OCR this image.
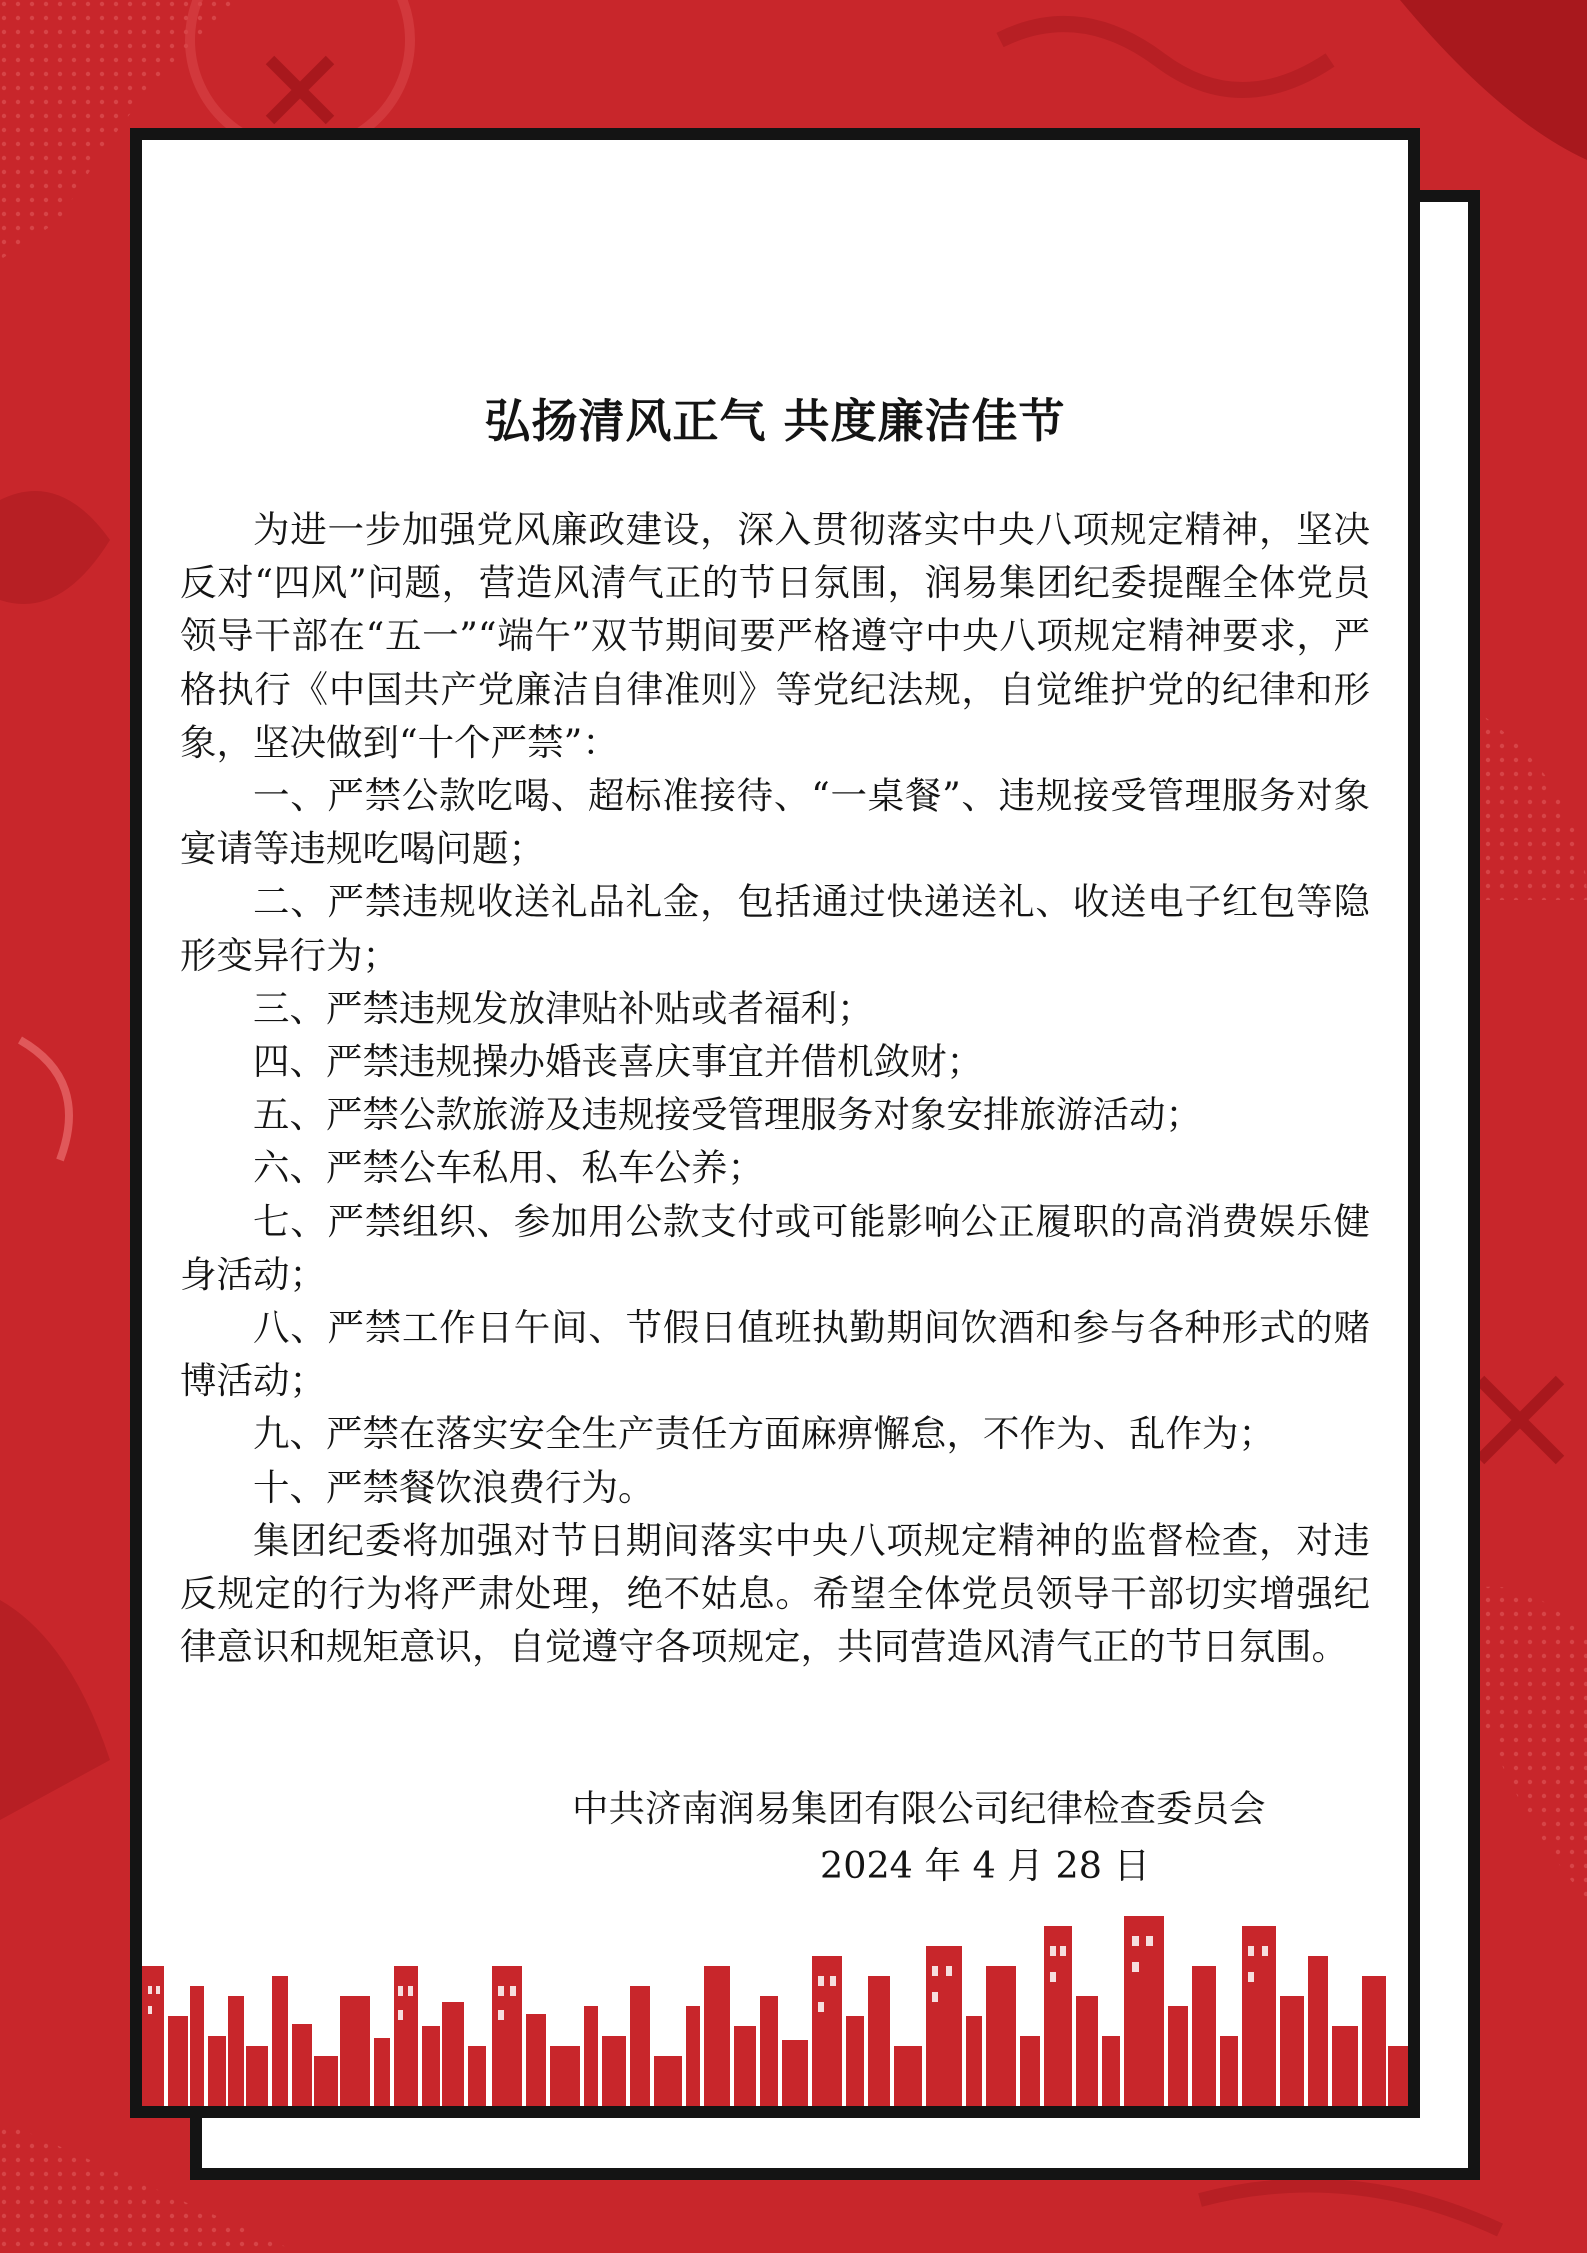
弘扬清风正气 共度廉洁佳节

为进一步加强党风廉政建设，深入贯彻落实中央八项规定精神，坚决反对“四风”问题，营造风清气正的节日氛围，润易集团纪委提醒全体党员领导干部在“五一”“端午”双节期间要严格遵守中央八项规定精神要求，严格执行《中国共产党廉洁自律准则》等党纪法规，自觉维护党的纪律和形象，坚决做到“十个严禁”：

一、严禁公款吃喝、超标准接待、“一桌餐”、违规接受管理服务对象宴请等违规吃喝问题；

二、严禁违规收送礼品礼金，包括通过快递送礼、收送电子红包等隐形变异行为；

三、严禁违规发放津贴补贴或者福利；

四、严禁违规操办婚丧喜庆事宜并借机敛财；

五、严禁公款旅游及违规接受管理服务对象安排旅游活动；

六、严禁公车私用、私车公养；

七、严禁组织、参加用公款支付或可能影响公正履职的高消费娱乐健身活动；

八、严禁工作日午间、节假日值班执勤期间饮酒和参与各种形式的赌博活动；

九、严禁在落实安全生产责任方面麻痹懈怠，不作为、乱作为；

十、严禁餐饮浪费行为。

集团纪委将加强对节日期间落实中央八项规定精神的监督检查，对违反规定的行为将严肃处理，绝不姑息。希望全体党员领导干部切实增强纪律意识和规矩意识，自觉遵守各项规定，共同营造风清气正的节日氛围。

中共济南润易集团有限公司纪律检查委员会
2024 年 4 月 28 日
